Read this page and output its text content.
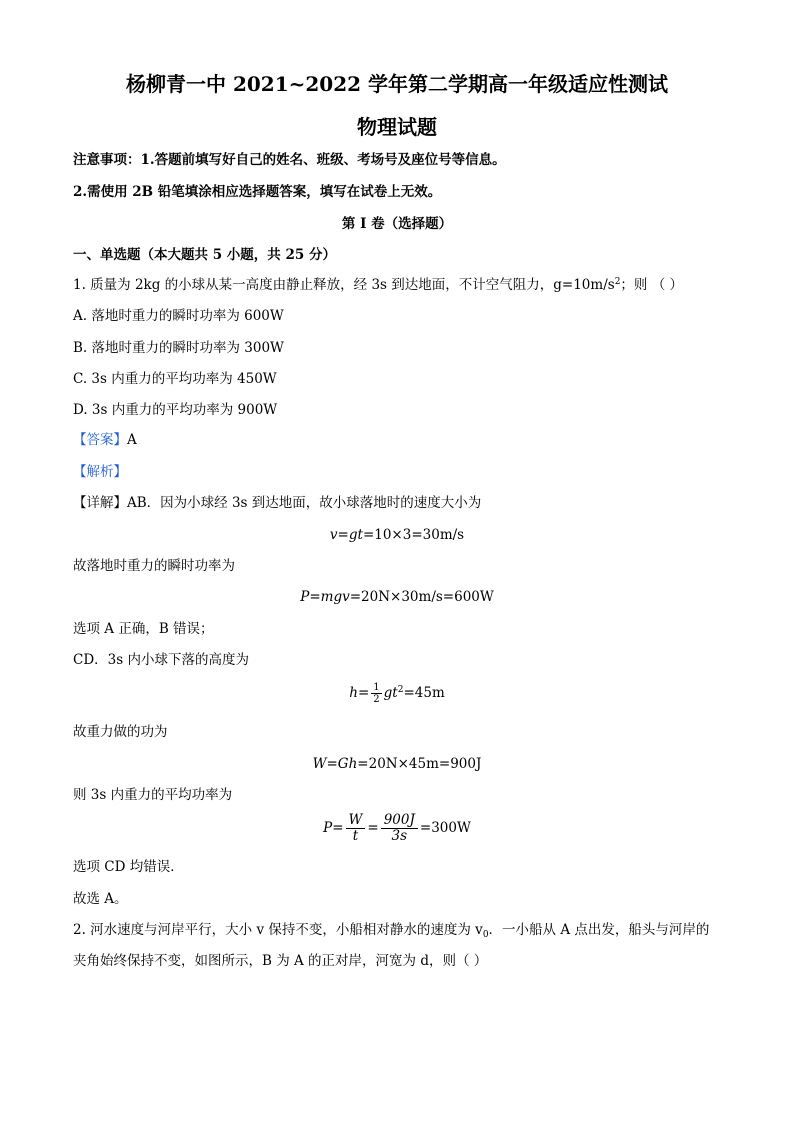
杨柳青一中 2021~2022 学年第二学期高一年级适应性测试
物理试题
注意事项：1.答题前填写好自己的姓名、班级、考场号及座位号等信息。
2.需使用 2B 铅笔填涂相应选择题答案，填写在试卷上无效。
第 I 卷（选择题）
一、单选题（本大题共 5 小题，共 25 分）
1. 质量为 2kg 的小球从某一高度由静止释放，经 3s 到达地面，不计空气阻力，$g=10m/s^2$；则 （ ）
A. 落地时重力的瞬时功率为 600W
B. 落地时重力的瞬时功率为 300W
C. 3s 内重力的平均功率为 450W
D. 3s 内重力的平均功率为 900W
【答案】A
【解析】
【详解】AB．因为小球经 3s 到达地面，故小球落地时的速度大小为
v=gt=10×3=30m/s
故落地时重力的瞬时功率为
P=mgv=20N×30m/s=600W
选项 A 正确，B 错误；
CD．3s 内小球下落的高度为
$h= \frac{1}{2} gt^2=45m$
故重力做的功为
W=Gh=20N×45m=900J
则 3s 内重力的平均功率为
$P= \frac{W}{t} = \frac{900J}{3s} =300W$
选项 CD 均错误．
故选 A。
2. 河水速度与河岸平行，大小 v 保持不变，小船相对静水的速度为 $v_0$．一小船从 A 点出发，船头与河岸的
夹角始终保持不变，如图所示，B 为 A 的正对岸，河宽为 d，则（ ）
